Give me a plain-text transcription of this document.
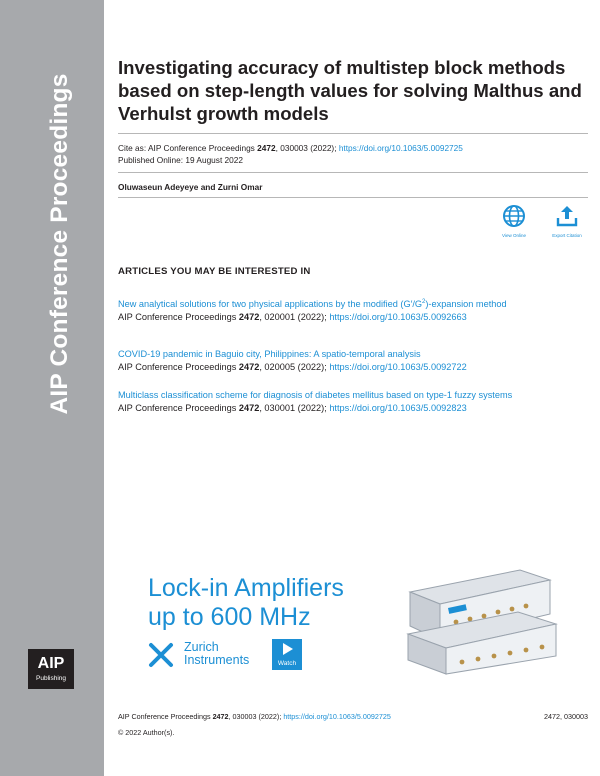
AIP Conference Proceedings
AIP
Publishing
Investigating accuracy of multistep block methods based on step-length values for solving Malthus and Verhulst growth models
Cite as: AIP Conference Proceedings 2472, 030003 (2022); https://doi.org/10.1063/5.0092725
Published Online: 19 August 2022
Oluwaseun Adeyeye and Zurni Omar
View Online	Export Citation
ARTICLES YOU MAY BE INTERESTED IN
New analytical solutions for two physical applications by the modified $(G'/G^2)$-expansion method
AIP Conference Proceedings 2472, 020001 (2022); https://doi.org/10.1063/5.0092663
COVID-19 pandemic in Baguio city, Philippines: A spatio-temporal analysis
AIP Conference Proceedings 2472, 020005 (2022); https://doi.org/10.1063/5.0092722
Multiclass classification scheme for diagnosis of diabetes mellitus based on type-1 fuzzy systems
AIP Conference Proceedings 2472, 030001 (2022); https://doi.org/10.1063/5.0092823
Lock-in Amplifiers
up to 600 MHz
Zurich
Instruments	Watch
AIP Conference Proceedings 2472, 030003 (2022); https://doi.org/10.1063/5.0092725	2472, 030003
© 2022 Author(s).
